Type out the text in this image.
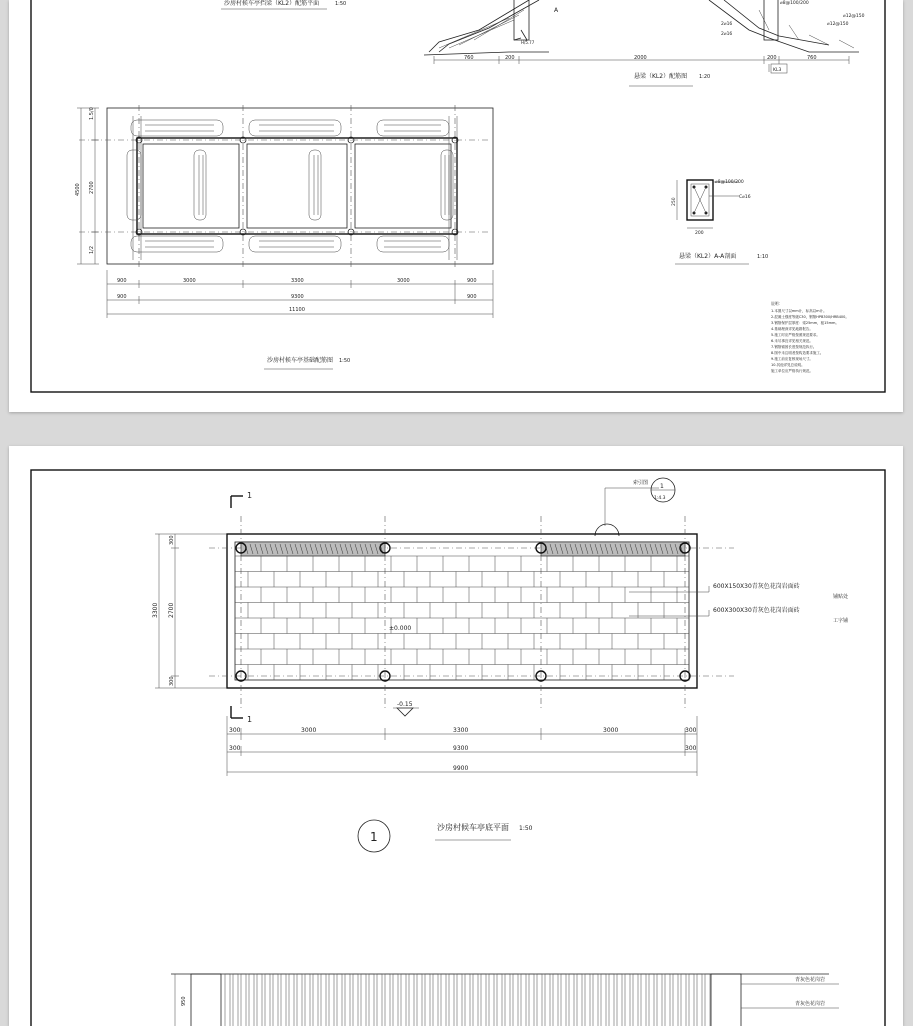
沙房村候车亭挡梁（KL2）配筋平面	1:50
760	200	2000	200	760
2⌀16
2⌀16
⌀8@100/200
⌀12@150
⌀12@150
KL3
A
H/5.77
悬梁（KL2）配筋图 1:20
1.5/0
4500 2700
1/2
900	3000	3300	3000	900
900	9300	900
11100
沙房村候车亭基础配筋图 1:50
⌀8@100/200
C⌀16
200
250
悬梁（KL2）A-A剖面	1:10
说明：
1.本图尺寸以mm计，标高以m计。
2.混凝土强度等级C30，钢筋HPB300/HRB400。
3.钢筋保护层厚度：梁25mm，板15mm。
4.基础埋深详见地勘报告。
5.施工时应严格按照规范要求。
6.未尽事宜详见相关规范。
7.钢筋锚固长度按规范执行。
8.图中未注明者按构造要求施工。
9.施工前应复核现场尺寸。
10.其他详见总说明。
施工单位应严格执行规范。
1
1
索引图 1
1:4.3
±0.000
-0.15
600X150X30青灰色花岗岩面砖
铺贴处
600X300X30青灰色花岗岩面砖
工字铺
3300 2700
300
300
300	3000	3300	3000	300
300	9300	300
9900
1
沙房村候车亭底平面 1:50
950
青灰色花岗岩
青灰色花岗岩
